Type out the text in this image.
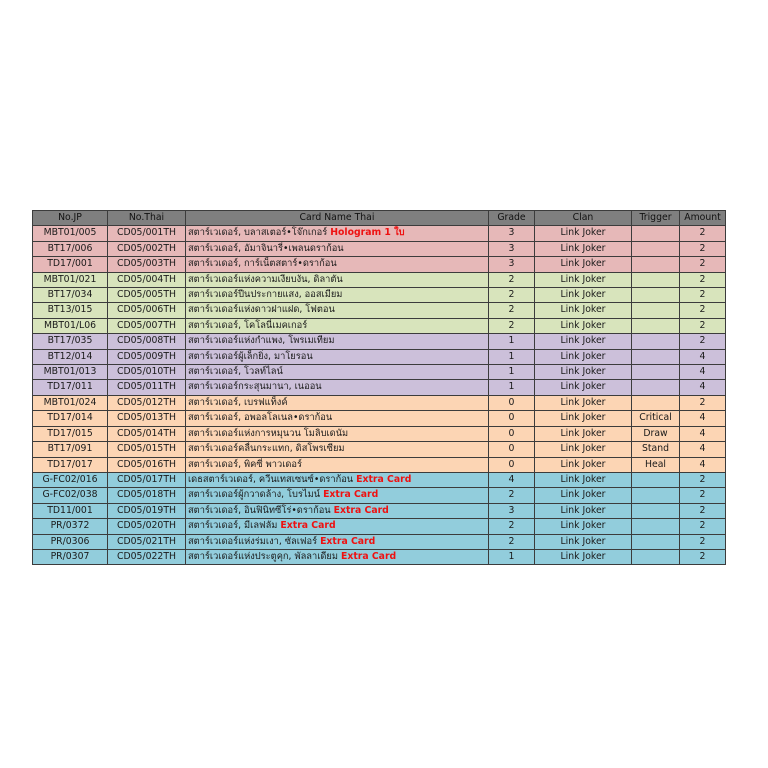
No.JP	No.Thai	Card Name Thai	Grade	Clan	Trigger	Amount
MBT01/005	CD05/001TH	สตาร์เวเดอร์, บลาสเตอร์•โจ๊กเกอร์ Hologram 1 ใบ	3	Link Joker		2
BT17/006	CD05/002TH	สตาร์เวเดอร์, อัมาจินารี่•เพลนดราก้อน	3	Link Joker		2
TD17/001	CD05/003TH	สตาร์เวเดอร์, การ์เน็ตสตาร์•ดราก้อน	3	Link Joker		2
MBT01/021	CD05/004TH	สตาร์เวเดอร์แห่งความเงียบงัน, ดิลาตัน	2	Link Joker		2
BT17/034	CD05/005TH	สตาร์เวเดอร์ปีนประกายแสง, ออสเมียม	2	Link Joker		2
BT13/015	CD05/006TH	สตาร์เวเดอร์แห่งดาวฝาแฝด, โฟตอน	2	Link Joker		2
MBT01/L06	CD05/007TH	สตาร์เวเดอร์, โคโลนี่เมคเกอร์	2	Link Joker		2
BT17/035	CD05/008TH	สตาร์เวเดอร์แห่งกำแพง, โพรเมเทียม	1	Link Joker		2
BT12/014	CD05/009TH	สตาร์เวเดอร์ผู้เล็กยิ่ง, มาโยรอน	1	Link Joker		4
MBT01/013	CD05/010TH	สตาร์เวเดอร์, โวลท์ไลน์	1	Link Joker		4
TD17/011	CD05/011TH	สตาร์เวเดอร์กระสุนมานา, เนออน	1	Link Joker		4
MBT01/024	CD05/012TH	สตาร์เวเดอร์, เบรฟแท็งค์	0	Link Joker		2
TD17/014	CD05/013TH	สตาร์เวเดอร์, อพอลโลเนล•ดราก้อน	0	Link Joker	Critical	4
TD17/015	CD05/014TH	สตาร์เวเดอร์แห่งการหมุนวน โมลิบเดนัม	0	Link Joker	Draw	4
BT17/091	CD05/015TH	สตาร์เวเดอร์คลื่นกระแทก, ดิสโพรเซียม	0	Link Joker	Stand	4
TD17/017	CD05/016TH	สตาร์เวเดอร์, พิคซี่ พาวเดอร์	0	Link Joker	Heal	4
G-FC02/016	CD05/017TH	เดธสตาร์เวเดอร์, ควีนเทสเซนซ์•ดราก้อน Extra Card	4	Link Joker		2
G-FC02/038	CD05/018TH	สตาร์เวเดอร์ผู้กวาดล้าง, โบรไมน์ Extra Card	2	Link Joker		2
TD11/001	CD05/019TH	สตาร์เวเดอร์, อินฟินิทซีโร่•ดราก้อน Extra Card	3	Link Joker		2
PR/0372	CD05/020TH	สตาร์เวเดอร์, มีเลฟลัม Extra Card	2	Link Joker		2
PR/0306	CD05/021TH	สตาร์เวเดอร์แห่งร่มเงา, ซัลเฟอร์ Extra Card	2	Link Joker		2
PR/0307	CD05/022TH	สตาร์เวเดอร์แห่งประตูคุก, พัลลาเดียม Extra Card	1	Link Joker		2
